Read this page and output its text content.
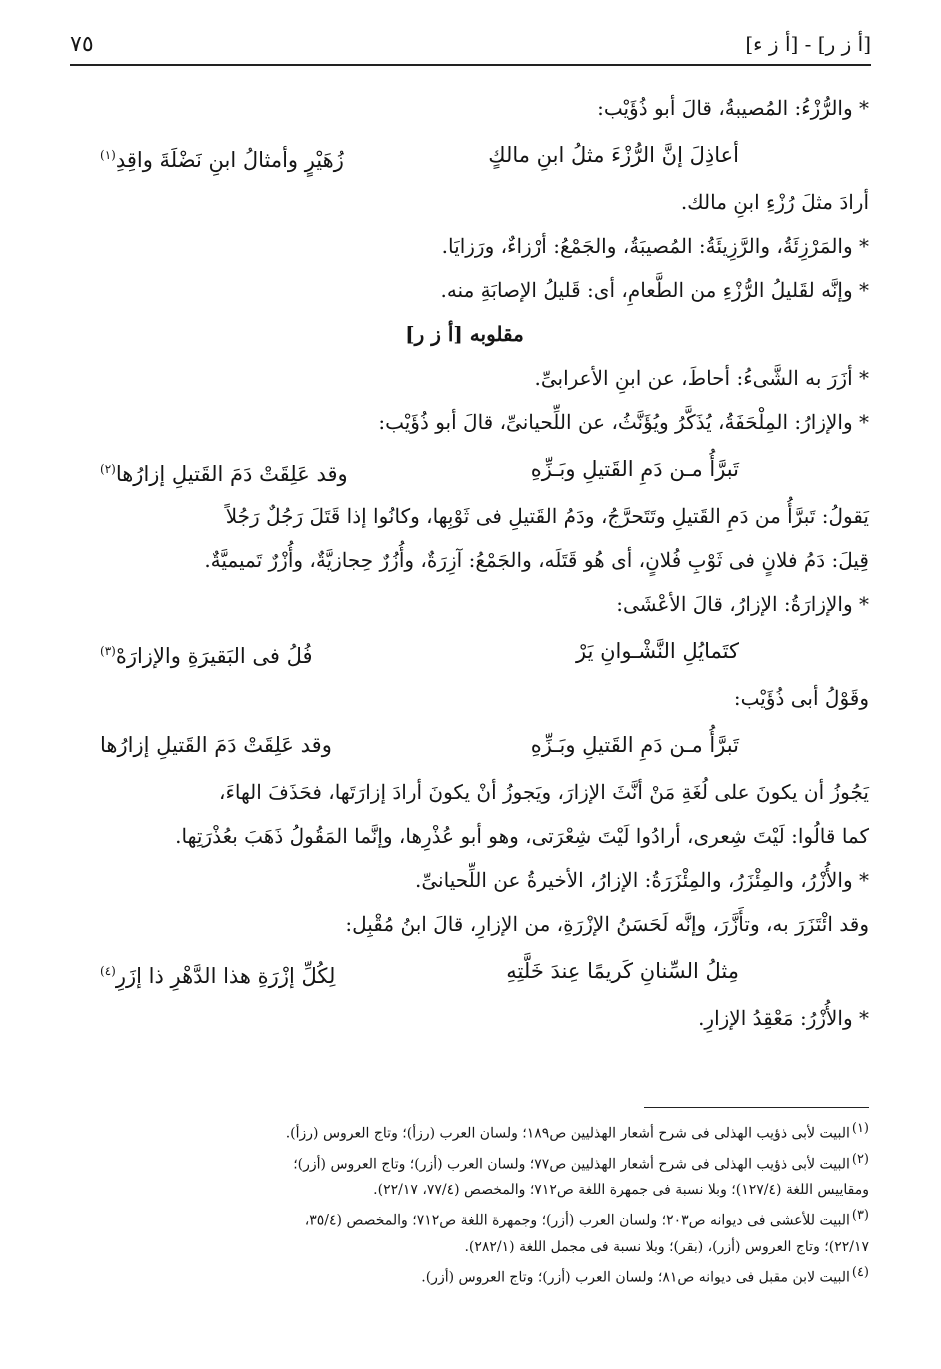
٧٥	[أ ز ء] - [أ ز ر]
* والرُّزْءُ: المُصيبةُ، قالَ أبو ذُؤَيْب:
أعاذِلَ إنَّ الرُّزْءَ مثلُ ابنِ مالكٍ
زُهَيْرٍ وأمثالُ ابنِ نَضْلَةَ واقِدِ$^{(١)}$
أرادَ مثلَ رُزْءِ ابنِ مالك.
* والمَرْزِئَةُ، والرَّزِيئَةُ: المُصيبَةُ، والجَمْعُ: أرْزاءٌ، ورَزايَا.
* وإنَّه لقَليلُ الرُّزْءِ من الطَّعامِ، أى: قَليلُ الإصابَةِ منه.
مقلوبه [أ ز ر]
* أزَرَ به الشَّىءُ: أحاطَ، عن ابنِ الأعرابىِّ.
* والإزارُ: المِلْحَفَةُ، يُذَكَّرُ ويُؤَنَّثُ، عن اللِّحيانىِّ، قالَ أبو ذُؤَيْب:
تَبرَّأُ مـن دَمِ القَتيلِ وبَـزِّهِ
وقد عَلِقَتْ دَمَ القَتيلِ إزارُها$^{(٢)}$
يَقولُ: تَبرَّأُ من دَمِ القَتيلِ وتَتَحرَّجُ، ودَمُ القَتيلِ فى ثَوْبِها، وكانُوا إذا قَتَلَ رَجُلٌ رَجُلاً
قِيلَ: دَمُ فلانٍ فى ثَوْبِ فُلانٍ، أى هُو قَتَلَه، والجَمْعُ: آزِرَةٌ، وأُزُرٌ حِجازيَّةٌ، وأُزْرٌ تَميميَّةٌ.
* والإزارَةُ: الإزارُ، قالَ الأعْشَى:
كتَمايُلِ النَّشْـوانِ يَرْ
فُلُ فى البَقيرَةِ والإزارَهْ$^{(٣)}$
وقَوْلُ أبى ذُؤَيْب:
تَبرَّأُ مـن دَمِ القَتيلِ وبَـزِّهِ
وقد عَلِقَتْ دَمَ القَتيلِ إزارُها
يَجُوزُ أن يكونَ على لُغَةِ مَنْ أنَّثَ الإزارَ، ويَجوزُ أنْ يكونَ أرادَ إزارَتَها، فحَذَفَ الهاءَ،
كما قالُوا: لَيْتَ شِعرى، أرادُوا لَيْتَ شِعْرَتى، وهو أبو عُذْرِها، وإنَّما المَقُولُ ذَهَبَ بعُذْرَتِها.
* والأُزْرُ، والمِئْزَرُ، والمِئْزَرَةُ: الإزارُ، الأخيرةُ عن اللِّحيانىِّ.
وقد ائْتَزَرَ به، وتأَزَّرَ، وإنَّه لَحَسَنُ الإزْرَةِ، من الإزارِ، قالَ ابنُ مُقْبِل:
مِثلُ السِّنانِ كَريمًا عِندَ خَلَّتِهِ
لِكُلِّ إزْرَةِ هذا الدَّهْرِ ذا إزَرِ$^{(٤)}$
* والأُزْرُ: مَعْقِدُ الإزارِ.
(١)البيت لأبى ذؤيب الهذلى فى شرح أشعار الهذليين ص١٨٩؛ ولسان العرب (رزأ)؛ وتاج العروس (رزأ).
(٢)البيت لأبى ذؤيب الهذلى فى شرح أشعار الهذليين ص٧٧؛ ولسان العرب (أزر)؛ وتاج العروس (أزر)؛
ومقاييس اللغة (١٢٧/٤)؛ وبلا نسبة فى جمهرة اللغة ص٧١٢؛ والمخصص (٧٧/٤، ٢٢/١٧).
(٣)البيت للأعشى فى ديوانه ص٢٠٣؛ ولسان العرب (أزر)؛ وجمهرة اللغة ص٧١٢؛ والمخصص (٣٥/٤،
٢٢/١٧)؛ وتاج العروس (أزر)، (بقر)؛ وبلا نسبة فى مجمل اللغة (٢٨٢/١).
(٤)البيت لابن مقبل فى ديوانه ص٨١؛ ولسان العرب (أزر)؛ وتاج العروس (أزر).
